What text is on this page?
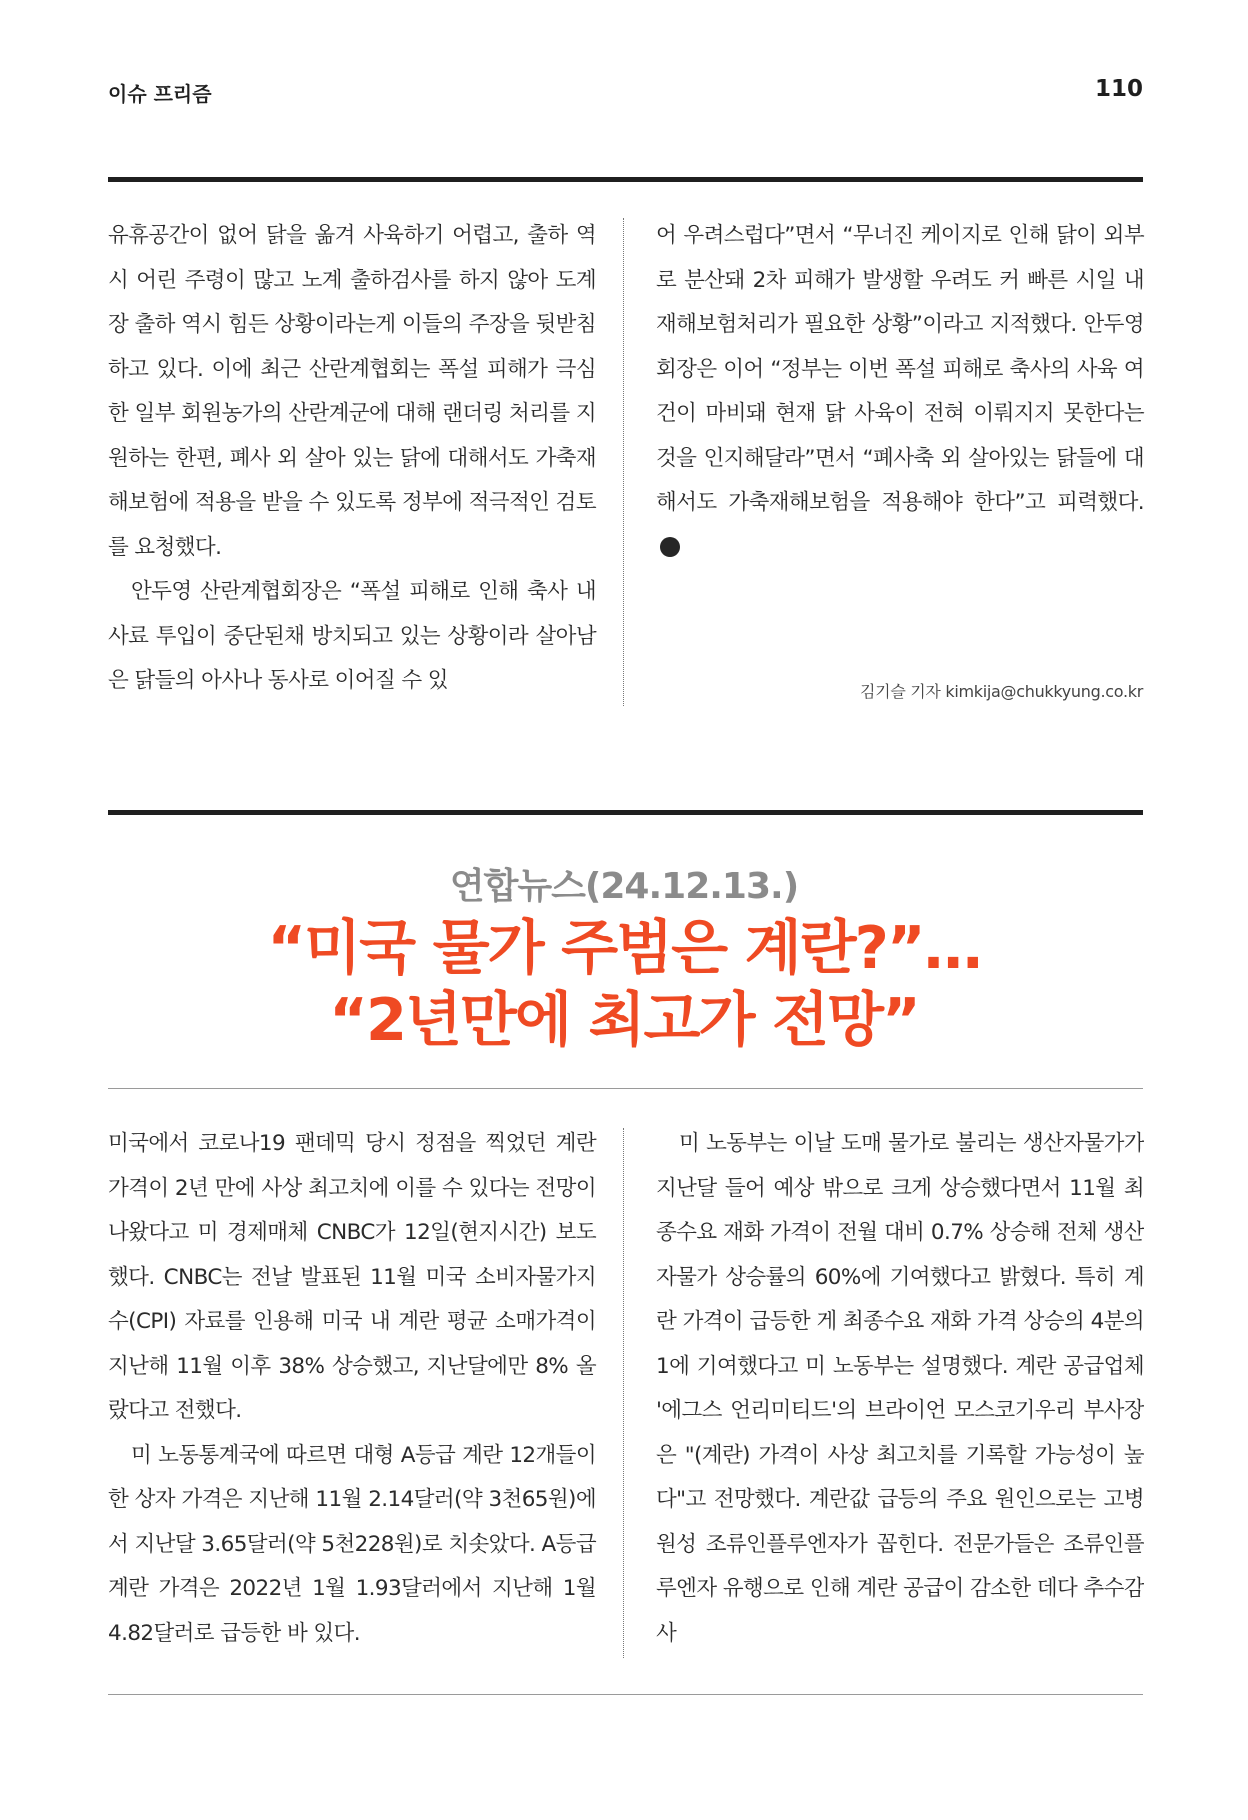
이슈 프리즘	110

유휴공간이 없어 닭을 옮겨 사육하기 어렵고, 출하 역시 어린 주령이 많고 노계 출하검사를 하지 않아 도계장 출하 역시 힘든 상황이라는게 이들의 주장을 뒷받침하고 있다. 이에 최근 산란계협회는 폭설 피해가 극심한 일부 회원농가의 산란계군에 대해 랜더링 처리를 지원하는 한편, 폐사 외 살아 있는 닭에 대해서도 가축재해보험에 적용을 받을 수 있도록 정부에 적극적인 검토를 요청했다.

안두영 산란계협회장은 “폭설 피해로 인해 축사 내 사료 투입이 중단된채 방치되고 있는 상황이라 살아남은 닭들의 아사나 동사로 이어질 수 있

어 우려스럽다”면서 “무너진 케이지로 인해 닭이 외부로 분산돼 2차 피해가 발생할 우려도 커 빠른 시일 내 재해보험처리가 필요한 상황”이라고 지적했다. 안두영 회장은 이어 “정부는 이번 폭설 피해로 축사의 사육 여건이 마비돼 현재 닭 사육이 전혀 이뤄지지 못한다는 것을 인지해달라”면서 “폐사축 외 살아있는 닭들에 대해서도 가축재해보험을 적용해야 한다”고 피력했다.

김기슬 기자 kimkija@chukkyung.co.kr
연합뉴스(24.12.13.)
“미국 물가 주범은 계란?”…
“2년만에 최고가 전망”

미국에서 코로나19 팬데믹 당시 정점을 찍었던 계란 가격이 2년 만에 사상 최고치에 이를 수 있다는 전망이 나왔다고 미 경제매체 CNBC가 12일(현지시간) 보도했다. CNBC는 전날 발표된 11월 미국 소비자물가지수(CPI) 자료를 인용해 미국 내 계란 평균 소매가격이 지난해 11월 이후 38% 상승했고, 지난달에만 8% 올랐다고 전했다.

미 노동통계국에 따르면 대형 A등급 계란 12개들이 한 상자 가격은 지난해 11월 2.14달러(약 3천65원)에서 지난달 3.65달러(약 5천228원)로 치솟았다. A등급 계란 가격은 2022년 1월 1.93달러에서 지난해 1월 4.82달러로 급등한 바 있다.

미 노동부는 이날 도매 물가로 불리는 생산자물가가 지난달 들어 예상 밖으로 크게 상승했다면서 11월 최종수요 재화 가격이 전월 대비 0.7% 상승해 전체 생산자물가 상승률의 60%에 기여했다고 밝혔다. 특히 계란 가격이 급등한 게 최종수요 재화 가격 상승의 4분의 1에 기여했다고 미 노동부는 설명했다. 계란 공급업체 '에그스 언리미티드'의 브라이언 모스코기우리 부사장은 "(계란) 가격이 사상 최고치를 기록할 가능성이 높다"고 전망했다. 계란값 급등의 주요 원인으로는 고병원성 조류인플루엔자가 꼽힌다. 전문가들은 조류인플루엔자 유행으로 인해 계란 공급이 감소한 데다 추수감사
